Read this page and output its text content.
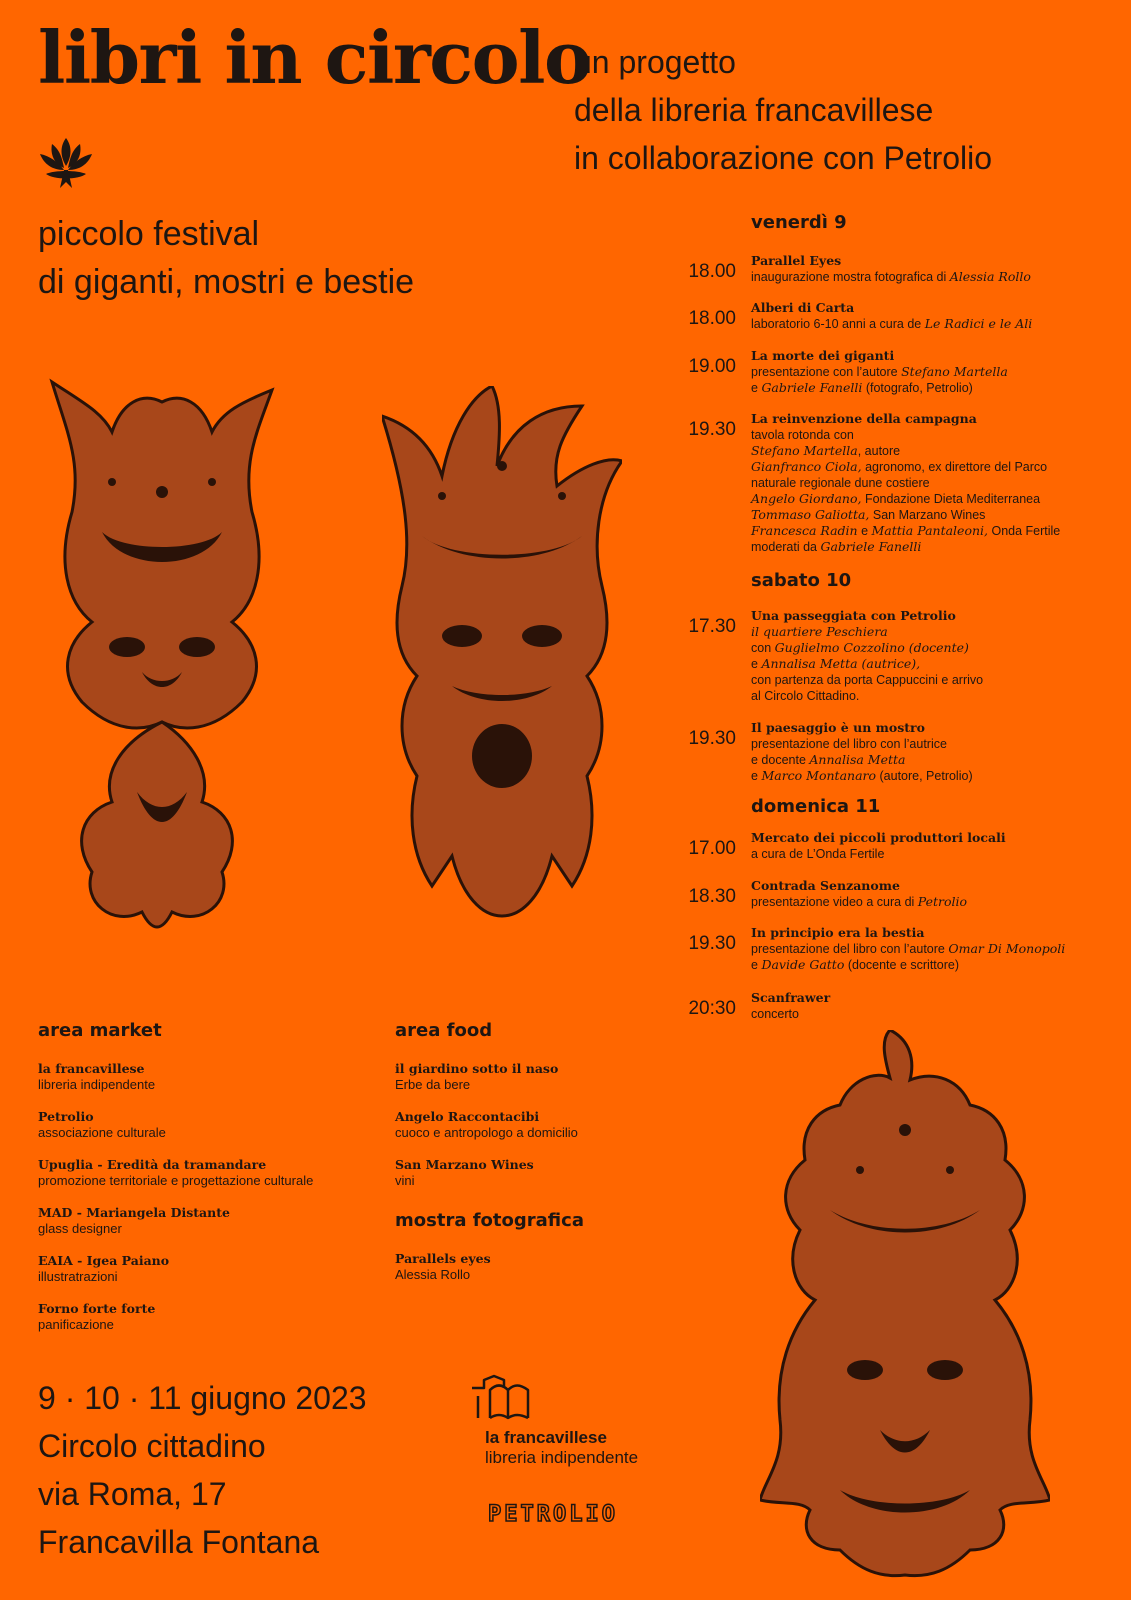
libri in circolo
un progetto
della libreria francavillese
in collaborazione con Petrolio
piccolo festival
di giganti, mostri e bestie
venerdì 9
18.00
Parallel Eyes
inaugurazione mostra fotografica di Alessia Rollo
18.00
Alberi di Carta
laboratorio 6-10 anni a cura de Le Radici e le Ali
19.00
La morte dei giganti
presentazione con l’autore Stefano Martella
e Gabriele Fanelli (fotografo, Petrolio)
19.30
La reinvenzione della campagna
tavola rotonda con
Stefano Martella, autore
Gianfranco Ciola, agronomo, ex direttore del Parco
naturale regionale dune costiere
Angelo Giordano, Fondazione Dieta Mediterranea
Tommaso Galiotta, San Marzano Wines
Francesca Radin e Mattia Pantaleoni, Onda Fertile
moderati da Gabriele Fanelli
sabato 10
17.30
Una passeggiata con Petrolio
il quartiere Peschiera
con Guglielmo Cozzolino (docente)
e Annalisa Metta (autrice),
con partenza da porta Cappuccini e arrivo
al Circolo Cittadino.
19.30
Il paesaggio è un mostro
presentazione del libro con l’autrice
e docente Annalisa Metta
e Marco Montanaro (autore, Petrolio)
domenica 11
17.00
Mercato dei piccoli produttori locali
a cura de L’Onda Fertile
18.30
Contrada Senzanome
presentazione video a cura di Petrolio
19.30
In principio era la bestia
presentazione del libro con l’autore Omar Di Monopoli
e Davide Gatto (docente e scrittore)
20:30
Scanfrawer
concerto
area market
la francavillese
libreria indipendente
Petrolio
associazione culturale
Upuglia - Eredità da tramandare
promozione territoriale e progettazione culturale
MAD - Mariangela Distante
glass designer
EAIA - Igea Paiano
illustratrazioni
Forno forte forte
panificazione
area food
il giardino sotto il naso
Erbe da bere
Angelo Raccontacibi
cuoco e antropologo a domicilio
San Marzano Wines
vini
mostra fotografica
Parallels eyes
Alessia Rollo
9 · 10 · 11 giugno 2023
Circolo cittadino
via Roma, 17
Francavilla Fontana
la francavillese
libreria indipendente
PETROLIO
